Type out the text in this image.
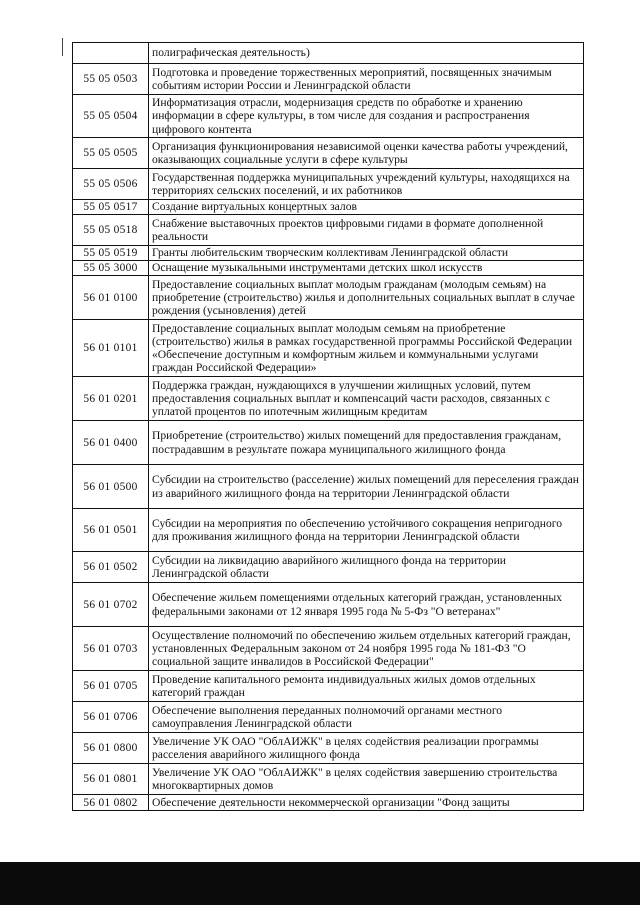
	полиграфическая деятельность)
55 05 0503	Подготовка и проведение торжественных мероприятий, посвященных значимым событиям истории России и Ленинградской области
55 05 0504	Информатизация отрасли, модернизация средств по обработке и хранению информации в сфере культуры, в том числе для создания и распространения цифрового контента
55 05 0505	Организация функционирования независимой оценки качества работы учреждений, оказывающих социальные услуги в сфере культуры
55 05 0506	Государственная поддержка муниципальных учреждений культуры, находящихся на территориях сельских поселений, и их работников
55 05 0517	Создание виртуальных концертных залов
55 05 0518	Снабжение выставочных проектов цифровыми гидами в формате дополненной реальности
55 05 0519	Гранты любительским творческим коллективам Ленинградской области
55 05 3000	Оснащение музыкальными инструментами детских школ искусств
56 01 0100	Предоставление социальных выплат молодым гражданам (молодым семьям) на приобретение (строительство) жилья и дополнительных социальных выплат в случае рождения (усыновления) детей
56 01 0101	Предоставление социальных выплат молодым семьям на приобретение (строительство) жилья в рамках государственной программы Российской Федерации «Обеспечение доступным и комфортным жильем и коммунальными услугами граждан Российской Федерации»
56 01 0201	Поддержка граждан, нуждающихся в улучшении жилищных условий, путем предоставления социальных выплат и компенсаций части расходов, связанных с уплатой процентов по ипотечным жилищным кредитам
56 01 0400	Приобретение (строительство) жилых помещений для предоставления гражданам, пострадавшим в результате пожара муниципального жилищного фонда
56 01 0500	Субсидии на строительство (расселение) жилых помещений для переселения граждан из аварийного жилищного фонда на территории Ленинградской области
56 01 0501	Субсидии на мероприятия по обеспечению устойчивого сокращения непригодного для проживания жилищного фонда на территории Ленинградской области
56 01 0502	Субсидии на ликвидацию аварийного жилищного фонда на территории Ленинградской области
56 01 0702	Обеспечение жильем помещениями отдельных категорий граждан, установленных федеральными законами от 12 января 1995 года № 5-Фз "О ветеранах"
56 01 0703	Осуществление полномочий по обеспечению жильем отдельных категорий граждан, установленных Федеральным законом от 24 ноября 1995 года № 181-ФЗ "О социальной защите инвалидов в Российской Федерации"
56 01 0705	Проведение капитального ремонта индивидуальных жилых домов отдельных категорий граждан
56 01 0706	Обеспечение выполнения переданных полномочий органами местного самоуправления Ленинградской области
56 01 0800	Увеличение УК ОАО "ОблАИЖК" в целях содействия реализации программы расселения аварийного жилищного фонда
56 01 0801	Увеличение УК ОАО "ОблАИЖК" в целях содействия завершению строительства многоквартирных домов
56 01 0802	Обеспечение деятельности некоммерческой организации "Фонд защиты
